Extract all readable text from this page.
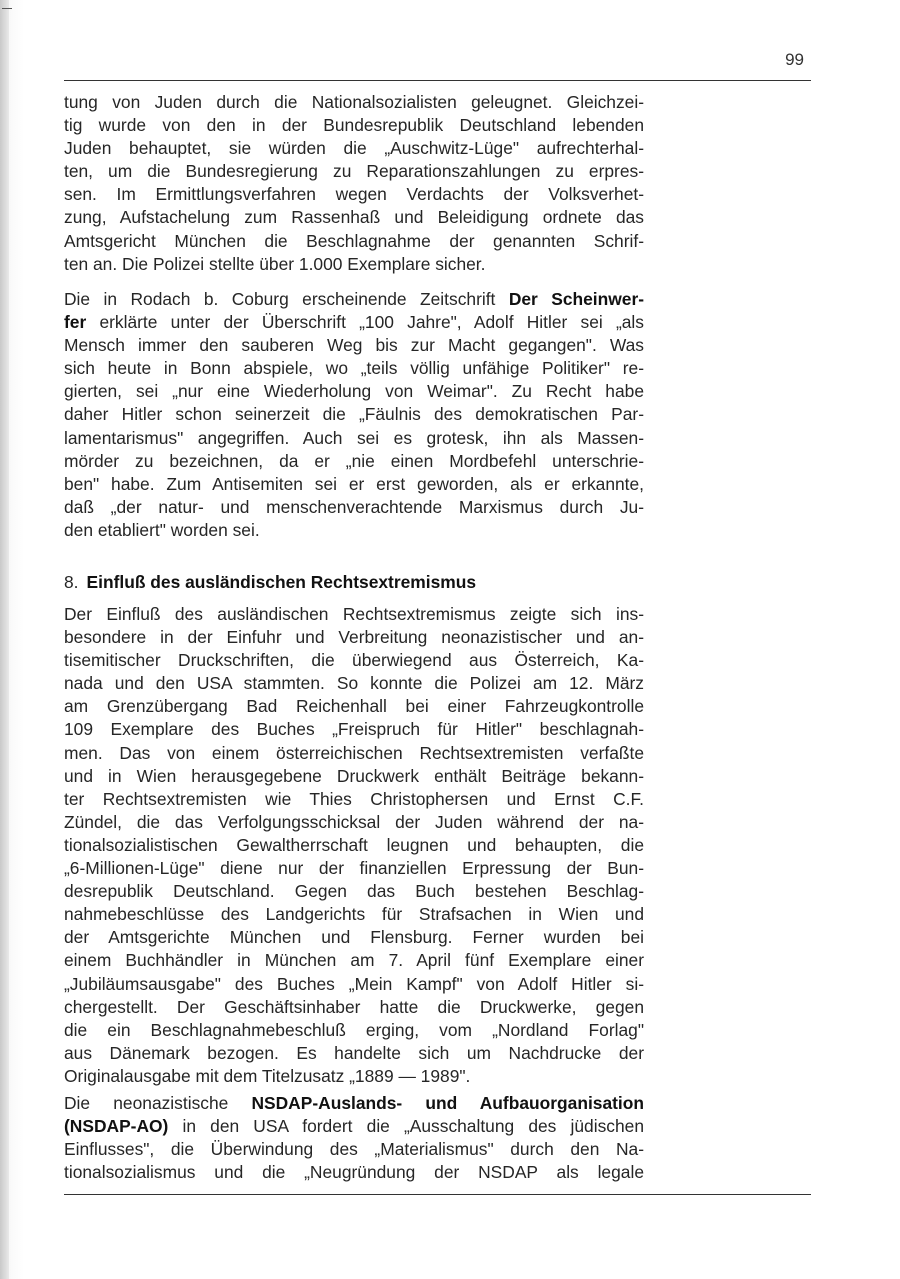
99
tung von Juden durch die Nationalsozialisten geleugnet. Gleichzei-
tig wurde von den in der Bundesrepublik Deutschland lebenden
Juden behauptet, sie würden die „Auschwitz-Lüge" aufrechterhal-
ten, um die Bundesregierung zu Reparationszahlungen zu erpres-
sen. Im Ermittlungsverfahren wegen Verdachts der Volksverhet-
zung, Aufstachelung zum Rassenhaß und Beleidigung ordnete das
Amtsgericht München die Beschlagnahme der genannten Schrif-
ten an. Die Polizei stellte über 1.000 Exemplare sicher.
Die in Rodach b. Coburg erscheinende Zeitschrift Der Scheinwer-
fer erklärte unter der Überschrift „100 Jahre", Adolf Hitler sei „als
Mensch immer den sauberen Weg bis zur Macht gegangen". Was
sich heute in Bonn abspiele, wo „teils völlig unfähige Politiker" re-
gierten, sei „nur eine Wiederholung von Weimar". Zu Recht habe
daher Hitler schon seinerzeit die „Fäulnis des demokratischen Par-
lamentarismus" angegriffen. Auch sei es grotesk, ihn als Massen-
mörder zu bezeichnen, da er „nie einen Mordbefehl unterschrie-
ben" habe. Zum Antisemiten sei er erst geworden, als er erkannte,
daß „der natur- und menschenverachtende Marxismus durch Ju-
den etabliert" worden sei.
8. Einfluß des ausländischen Rechtsextremismus
Der Einfluß des ausländischen Rechtsextremismus zeigte sich ins-
besondere in der Einfuhr und Verbreitung neonazistischer und an-
tisemitischer Druckschriften, die überwiegend aus Österreich, Ka-
nada und den USA stammten. So konnte die Polizei am 12. März
am Grenzübergang Bad Reichenhall bei einer Fahrzeugkontrolle
109 Exemplare des Buches „Freispruch für Hitler" beschlagnah-
men. Das von einem österreichischen Rechtsextremisten verfaßte
und in Wien herausgegebene Druckwerk enthält Beiträge bekann-
ter Rechtsextremisten wie Thies Christophersen und Ernst C.F.
Zündel, die das Verfolgungsschicksal der Juden während der na-
tionalsozialistischen Gewaltherrschaft leugnen und behaupten, die
„6-Millionen-Lüge" diene nur der finanziellen Erpressung der Bun-
desrepublik Deutschland. Gegen das Buch bestehen Beschlag-
nahmebeschlüsse des Landgerichts für Strafsachen in Wien und
der Amtsgerichte München und Flensburg. Ferner wurden bei
einem Buchhändler in München am 7. April fünf Exemplare einer
„Jubiläumsausgabe" des Buches „Mein Kampf" von Adolf Hitler si-
chergestellt. Der Geschäftsinhaber hatte die Druckwerke, gegen
die ein Beschlagnahmebeschluß erging, vom „Nordland Forlag"
aus Dänemark bezogen. Es handelte sich um Nachdrucke der
Originalausgabe mit dem Titelzusatz „1889 — 1989".
Die neonazistische NSDAP-Auslands- und Aufbauorganisation
(NSDAP-AO) in den USA fordert die „Ausschaltung des jüdischen
Einflusses", die Überwindung des „Materialismus" durch den Na-
tionalsozialismus und die „Neugründung der NSDAP als legale
